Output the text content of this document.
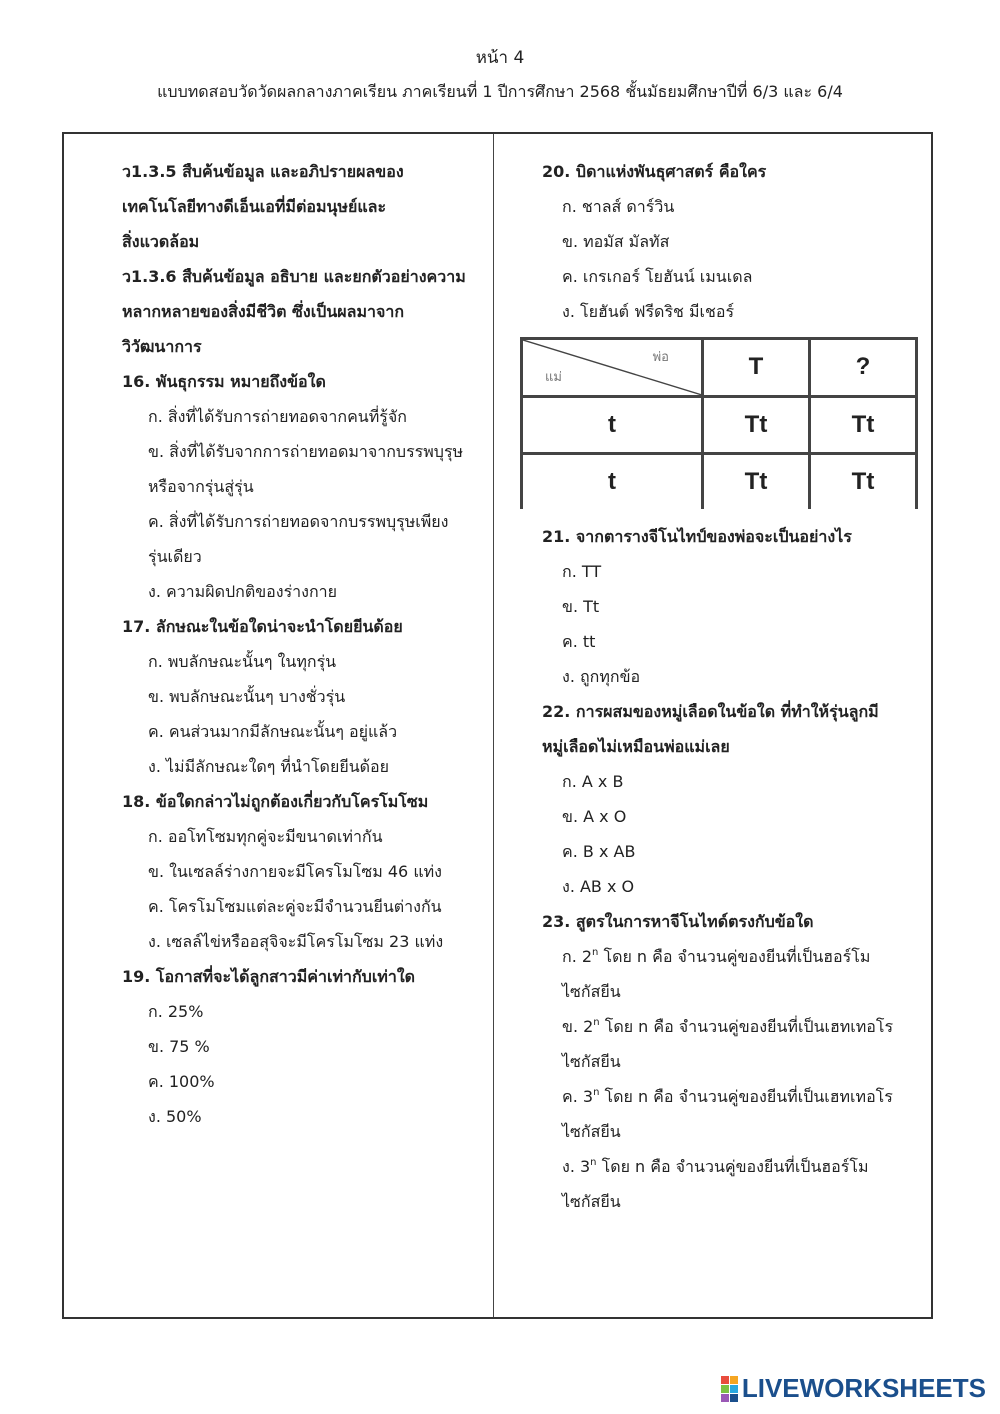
หน้า 4
แบบทดสอบวัดวัดผลกลางภาคเรียน ภาคเรียนที่ 1 ปีการศึกษา 2568 ชั้นมัธยมศึกษาปีที่ 6/3 และ 6/4
ว1.3.5 สืบค้นข้อมูล และอภิปรายผลของ
เทคโนโลยีทางดีเอ็นเอที่มีต่อมนุษย์และ
สิ่งแวดล้อม
ว1.3.6 สืบค้นข้อมูล อธิบาย และยกตัวอย่างความ
หลากหลายของสิ่งมีชีวิต ซึ่งเป็นผลมาจาก
วิวัฒนาการ
16. พันธุกรรม หมายถึงข้อใด
ก. สิ่งที่ได้รับการถ่ายทอดจากคนที่รู้จัก
ข. สิ่งที่ได้รับจากการถ่ายทอดมาจากบรรพบุรุษ
หรือจากรุ่นสู่รุ่น
ค. สิ่งที่ได้รับการถ่ายทอดจากบรรพบุรุษเพียง
รุ่นเดียว
ง. ความผิดปกติของร่างกาย
17. ลักษณะในข้อใดน่าจะนำโดยยีนด้อย
ก. พบลักษณะนั้นๆ ในทุกรุ่น
ข. พบลักษณะนั้นๆ บางชั่วรุ่น
ค. คนส่วนมากมีลักษณะนั้นๆ อยู่แล้ว
ง. ไม่มีลักษณะใดๆ ที่นำโดยยีนด้อย
18. ข้อใดกล่าวไม่ถูกต้องเกี่ยวกับโครโมโซม
ก. ออโทโซมทุกคู่จะมีขนาดเท่ากัน
ข. ในเซลล์ร่างกายจะมีโครโมโซม 46 แท่ง
ค. โครโมโซมแต่ละคู่จะมีจำนวนยีนต่างกัน
ง. เซลล์ไข่หรืออสุจิจะมีโครโมโซม 23 แท่ง
19. โอกาสที่จะได้ลูกสาวมีค่าเท่ากับเท่าใด
ก. 25%
ข. 75 %
ค. 100%
ง. 50%
20. บิดาแห่งพันธุศาสตร์ คือใคร
ก. ชาลส์ ดาร์วิน
ข. ทอมัส มัลทัส
ค. เกรเกอร์ โยฮันน์ เมนเดล
ง. โยฮันต์ ฟรีดริช มีเชอร์
พ่อ
แม่	T	?
t	Tt	Tt
t	Tt	Tt
21. จากตารางจีโนไทป์ของพ่อจะเป็นอย่างไร
ก. TT
ข. Tt
ค. tt
ง. ถูกทุกข้อ
22. การผสมของหมู่เลือดในข้อใด ที่ทำให้รุ่นลูกมี
หมู่เลือดไม่เหมือนพ่อแม่เลย
ก. A x B
ข. A x O
ค. B x AB
ง. AB x O
23. สูตรในการหาจีโนไทด์ตรงกับข้อใด
ก. 2$^n$ โดย n คือ จำนวนคู่ของยีนที่เป็นฮอร์โม
ไซกัสยีน
ข. 2$^n$ โดย n คือ จำนวนคู่ของยีนที่เป็นเฮทเทอโร
ไซกัสยีน
ค. 3$^n$ โดย n คือ จำนวนคู่ของยีนที่เป็นเฮทเทอโร
ไซกัสยีน
ง. 3$^n$ โดย n คือ จำนวนคู่ของยีนที่เป็นฮอร์โม
ไซกัสยีน
LIVEWORKSHEETS
